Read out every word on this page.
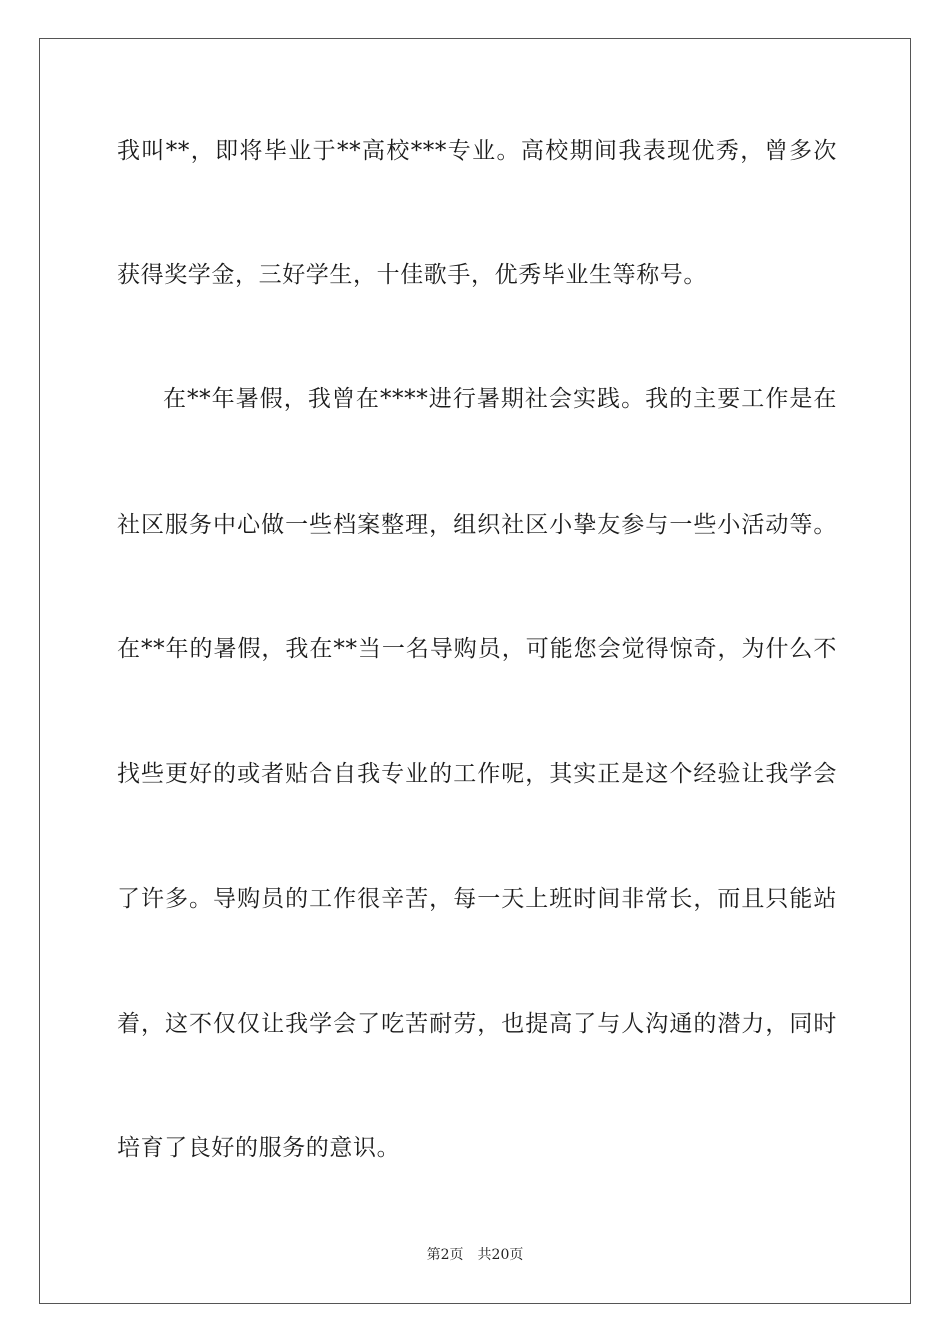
我叫**，即将毕业于**高校***专业。高校期间我表现优秀，曾多次
获得奖学金，三好学生，十佳歌手，优秀毕业生等称号。
在**年暑假，我曾在****进行暑期社会实践。我的主要工作是在
社区服务中心做一些档案整理，组织社区小挚友参与一些小活动等。
在**年的暑假，我在**当一名导购员，可能您会觉得惊奇，为什么不
找些更好的或者贴合自我专业的工作呢，其实正是这个经验让我学会
了许多。导购员的工作很辛苦，每一天上班时间非常长，而且只能站
着，这不仅仅让我学会了吃苦耐劳，也提高了与人沟通的潜力，同时
培育了良好的服务的意识。
第2页 共20页
